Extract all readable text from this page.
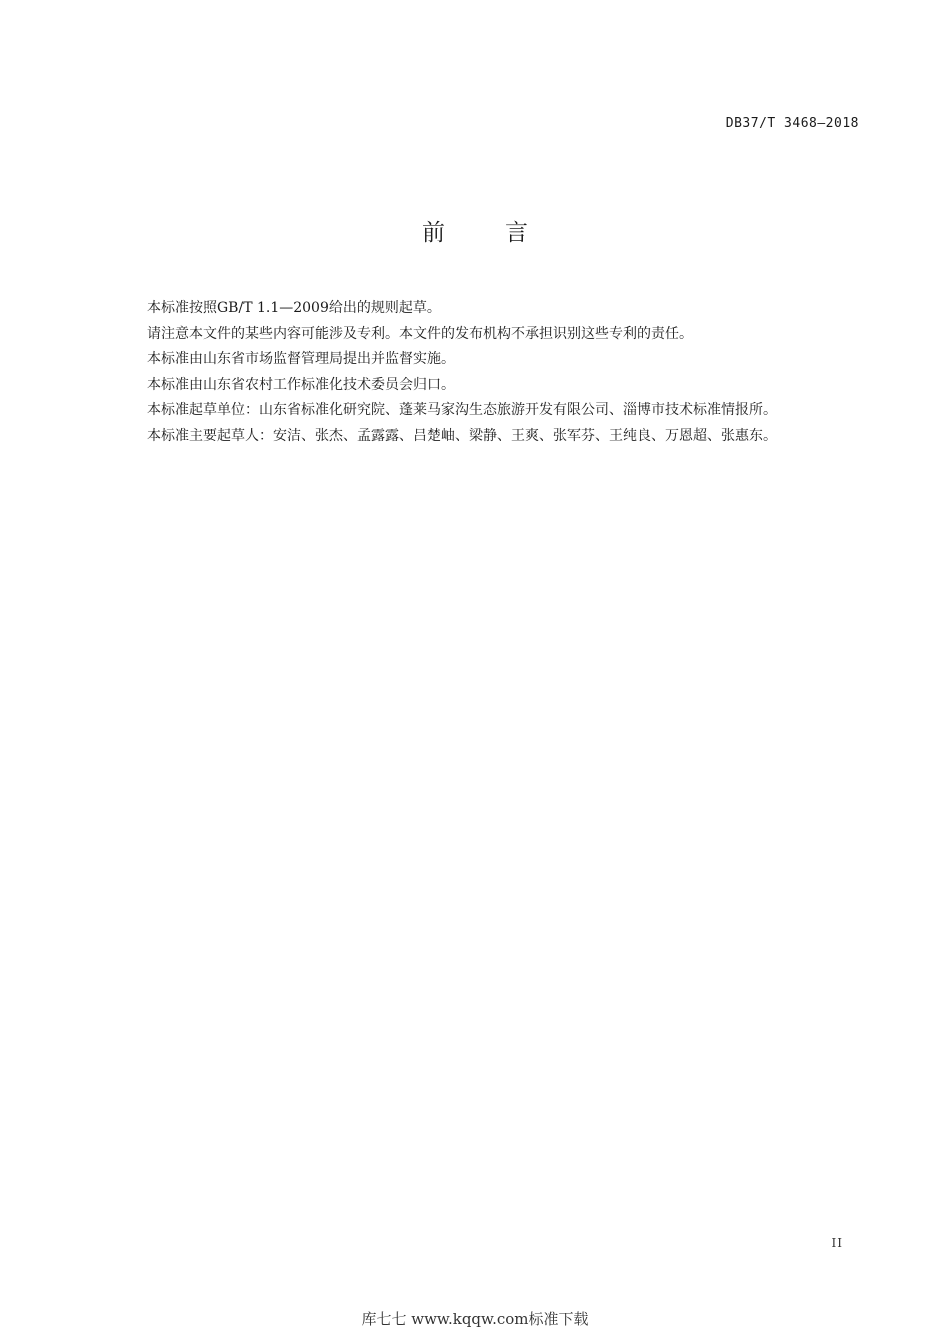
DB37/T 3468—2018
前言

本标准按照GB/T 1.1—2009给出的规则起草。

请注意本文件的某些内容可能涉及专利。本文件的发布机构不承担识别这些专利的责任。

本标准由山东省市场监督管理局提出并监督实施。

本标准由山东省农村工作标准化技术委员会归口。

本标准起草单位：山东省标准化研究院、蓬莱马家沟生态旅游开发有限公司、淄博市技术标准情报所。

本标准主要起草人：安洁、张杰、孟露露、吕楚岫、梁静、王爽、张军芬、王纯良、万恩超、张惠东。

II
库七七 www.kqqw.com标准下载
